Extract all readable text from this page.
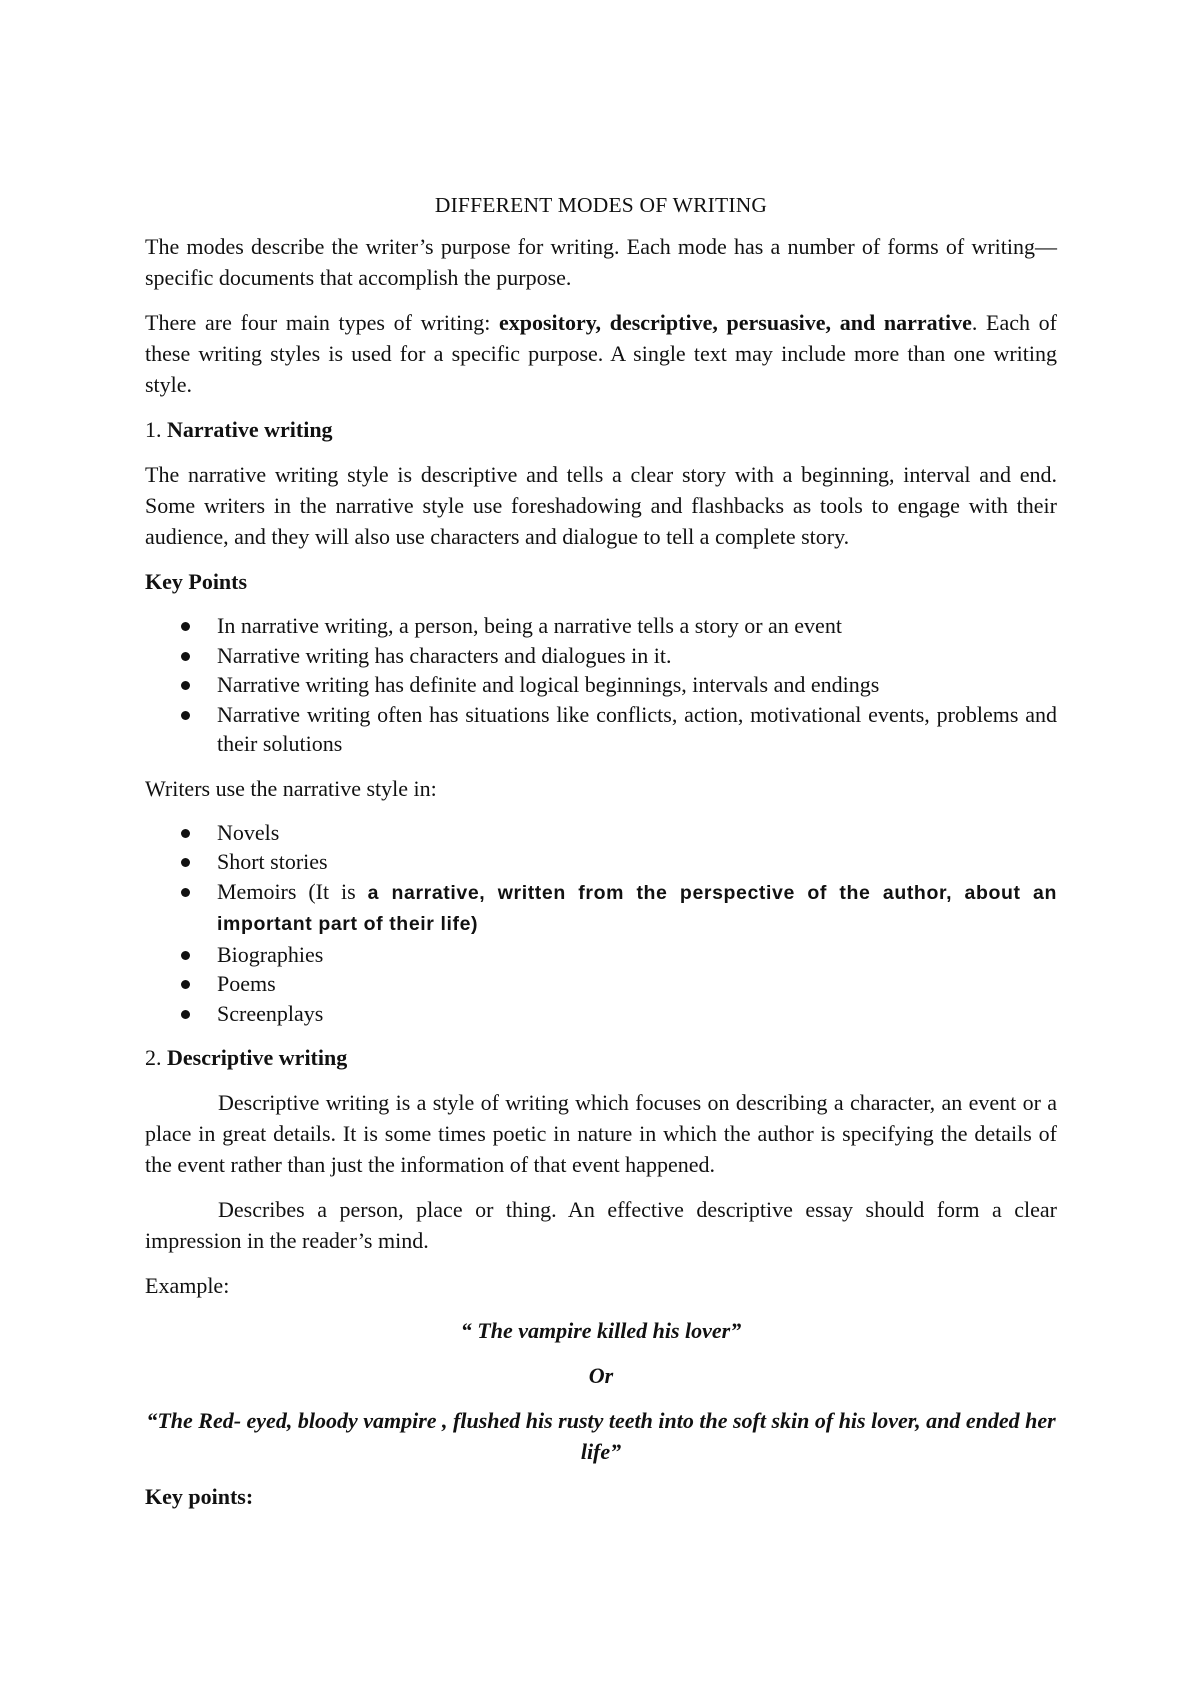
DIFFERENT MODES OF WRITING

The modes describe the writer’s purpose for writing. Each mode has a number of forms of writing—specific documents that accomplish the purpose.

There are four main types of writing: expository, descriptive, persuasive, and narrative. Each of these writing styles is used for a specific purpose. A single text may include more than one writing style.

1. Narrative writing

The narrative writing style is descriptive and tells a clear story with a beginning, interval and end. Some writers in the narrative style use foreshadowing and flashbacks as tools to engage with their audience, and they will also use characters and dialogue to tell a complete story.

Key Points
In narrative writing, a person, being a narrative tells a story or an event
Narrative writing has characters and dialogues in it.
Narrative writing has definite and logical beginnings, intervals and endings
Narrative writing often has situations like conflicts, action, motivational events, problems and their solutions

Writers use the narrative style in:

Novels
Short stories
Memoirs (It is a narrative, written from the perspective of the author, about an important part of their life)
Biographies
Poems
Screenplays
2. Descriptive writing

Descriptive writing is a style of writing which focuses on describing a character, an event or a place in great details. It is some times poetic in nature in which the author is specifying the details of the event rather than just the information of that event happened.

Describes a person, place or thing. An effective descriptive essay should form a clear impression in the reader’s mind.

Example:

“ The vampire killed his lover”
Or
“The Red- eyed, bloody vampire , flushed his rusty teeth into the soft skin of his lover, and ended her life”
Key points:
